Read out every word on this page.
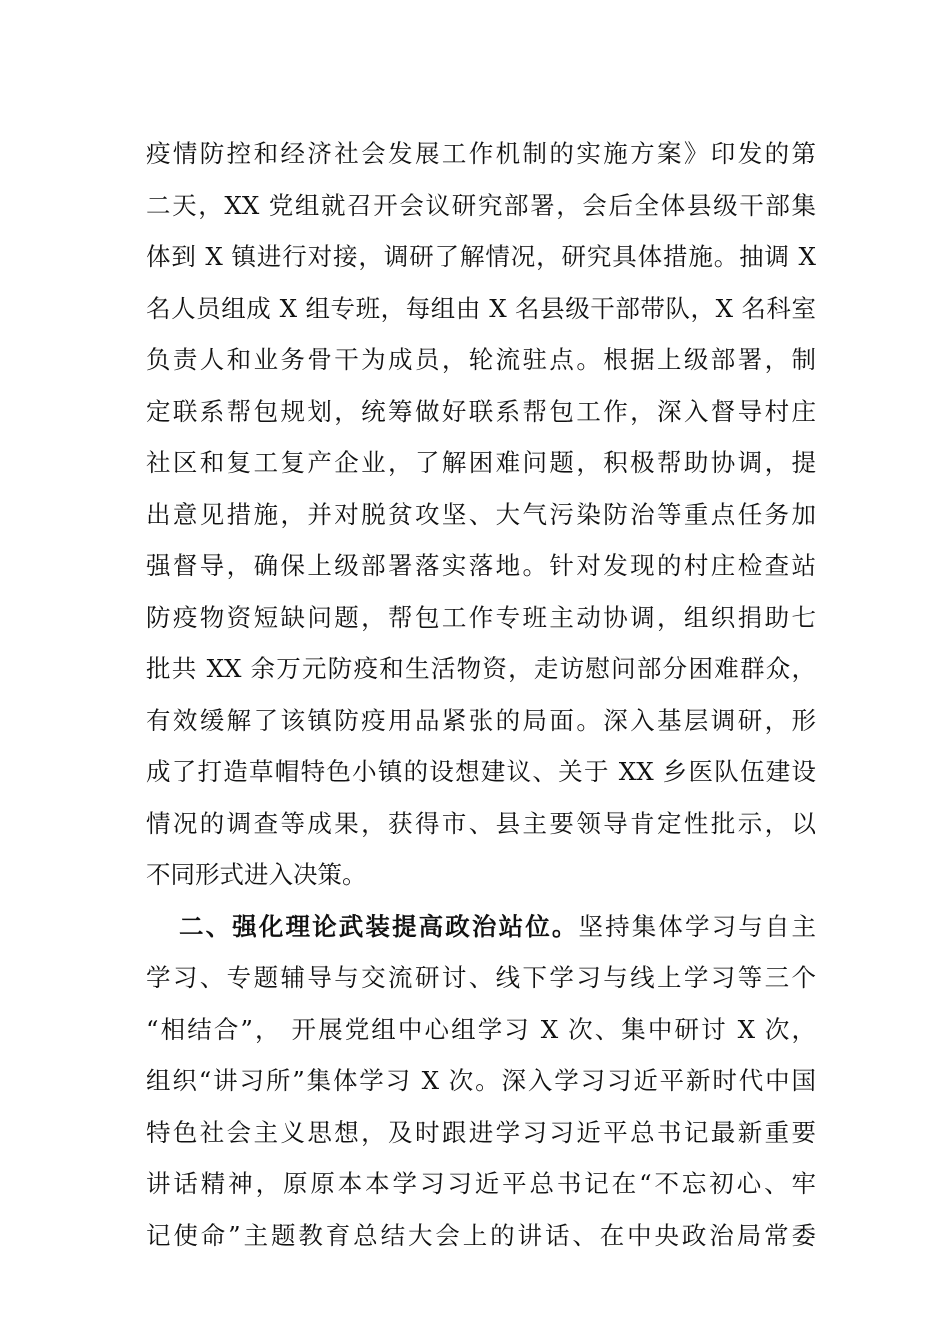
疫情防控和经济社会发展工作机制的实施方案》印发的第
二天，XX 党组就召开会议研究部署，会后全体县级干部集
体到 X 镇进行对接，调研了解情况，研究具体措施。抽调 X
名人员组成 X 组专班，每组由 X 名县级干部带队，X 名科室
负责人和业务骨干为成员，轮流驻点。根据上级部署，制
定联系帮包规划，统筹做好联系帮包工作，深入督导村庄
社区和复工复产企业，了解困难问题，积极帮助协调，提
出意见措施，并对脱贫攻坚、大气污染防治等重点任务加
强督导，确保上级部署落实落地。针对发现的村庄检查站
防疫物资短缺问题，帮包工作专班主动协调，组织捐助七
批共 XX 余万元防疫和生活物资，走访慰问部分困难群众，
有效缓解了该镇防疫用品紧张的局面。深入基层调研，形
成了打造草帽特色小镇的设想建议、关于 XX 乡医队伍建设
情况的调查等成果，获得市、县主要领导肯定性批示，以
不同形式进入决策。
二、强化理论武装提高政治站位。坚持集体学习与自主
学习、专题辅导与交流研讨、线下学习与线上学习等三个
“相结合”， 开展党组中心组学习 X 次、集中研讨 X 次，
组织“讲习所”集体学习 X 次。深入学习习近平新时代中国
特色社会主义思想，及时跟进学习习近平总书记最新重要
讲话精神，原原本本学习习近平总书记在“不忘初心、牢
记使命”主题教育总结大会上的讲话、在中央政治局常委
